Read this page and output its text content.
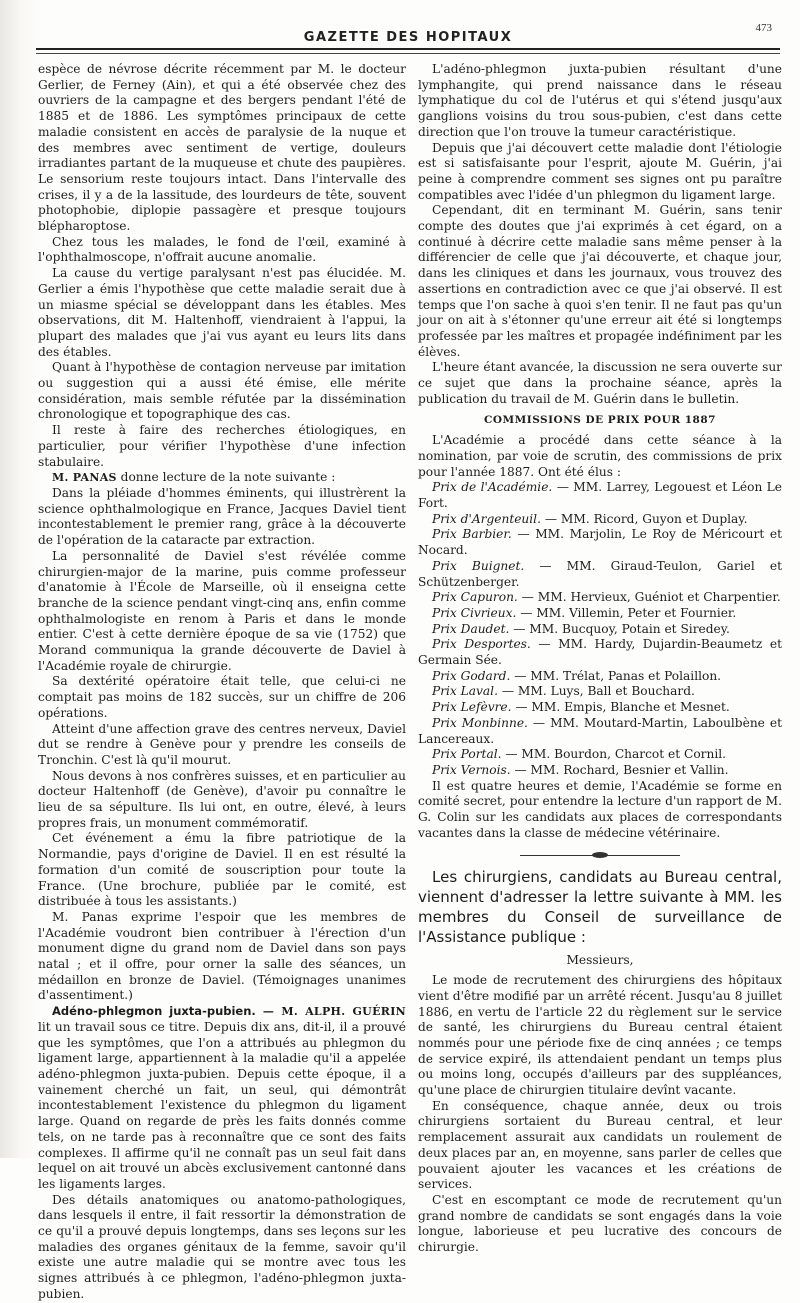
GAZETTE DES HOPITAUX
473

espèce de névrose décrite récemment par M. le docteur Gerlier, de Ferney (Ain), et qui a été observée chez des ouvriers de la campagne et des bergers pendant l'été de 1885 et de 1886. Les symptômes principaux de cette maladie consistent en accès de paralysie de la nuque et des membres avec sentiment de vertige, douleurs irradiantes partant de la muqueuse et chute des paupières. Le sensorium reste toujours intact. Dans l'intervalle des crises, il y a de la lassitude, des lourdeurs de tête, souvent photophobie, diplopie passagère et presque toujours blépharoptose.

Chez tous les malades, le fond de l'œil, examiné à l'ophthalmoscope, n'offrait aucune anomalie.

La cause du vertige paralysant n'est pas élucidée. M. Gerlier a émis l'hypothèse que cette maladie serait due à un miasme spécial se développant dans les étables. Mes observations, dit M. Haltenhoff, viendraient à l'appui, la plupart des malades que j'ai vus ayant eu leurs lits dans des étables.

Quant à l'hypothèse de contagion nerveuse par imitation ou suggestion qui a aussi été émise, elle mérite considération, mais semble réfutée par la dissémination chronologique et topographique des cas.

Il reste à faire des recherches étiologiques, en particulier, pour vérifier l'hypothèse d'une infection stabulaire.

M. PANAS donne lecture de la note suivante :

Dans la pléiade d'hommes éminents, qui illustrèrent la science ophthalmologique en France, Jacques Daviel tient incontestablement le premier rang, grâce à la découverte de l'opération de la cataracte par extraction.

La personnalité de Daviel s'est révélée comme chirurgien-major de la marine, puis comme professeur d'anatomie à l'École de Marseille, où il enseigna cette branche de la science pendant vingt-cinq ans, enfin comme ophthalmologiste en renom à Paris et dans le monde entier. C'est à cette dernière époque de sa vie (1752) que Morand communiqua la grande découverte de Daviel à l'Académie royale de chirurgie.

Sa dextérité opératoire était telle, que celui-ci ne comptait pas moins de 182 succès, sur un chiffre de 206 opérations.

Atteint d'une affection grave des centres nerveux, Daviel dut se rendre à Genève pour y prendre les conseils de Tronchin. C'est là qu'il mourut.

Nous devons à nos confrères suisses, et en particulier au docteur Haltenhoff (de Genève), d'avoir pu connaître le lieu de sa sépulture. Ils lui ont, en outre, élevé, à leurs propres frais, un monument commémoratif.

Cet événement a ému la fibre patriotique de la Normandie, pays d'origine de Daviel. Il en est résulté la formation d'un comité de souscription pour toute la France. (Une brochure, publiée par le comité, est distribuée à tous les assistants.)

M. Panas exprime l'espoir que les membres de l'Académie voudront bien contribuer à l'érection d'un monument digne du grand nom de Daviel dans son pays natal ; et il offre, pour orner la salle des séances, un médaillon en bronze de Daviel. (Témoignages unanimes d'assentiment.)

Adéno-phlegmon juxta-pubien. — M. ALPH. GUÉRIN lit un travail sous ce titre. Depuis dix ans, dit-il, il a prouvé que les symptômes, que l'on a attribués au phlegmon du ligament large, appartiennent à la maladie qu'il a appelée adéno-phlegmon juxta-pubien. Depuis cette époque, il a vainement cherché un fait, un seul, qui démontrât incontestablement l'existence du phlegmon du ligament large. Quand on regarde de près les faits donnés comme tels, on ne tarde pas à reconnaître que ce sont des faits complexes. Il affirme qu'il ne connaît pas un seul fait dans lequel on ait trouvé un abcès exclusivement cantonné dans les ligaments larges.

Des détails anatomiques ou anatomo-pathologiques, dans lesquels il entre, il fait ressortir la démonstration de ce qu'il a prouvé depuis longtemps, dans ses leçons sur les maladies des organes génitaux de la femme, savoir qu'il existe une autre maladie qui se montre avec tous les signes attribués à ce phlegmon, l'adéno-phlegmon juxta-pubien.

L'adéno-phlegmon juxta-pubien résultant d'une lymphangite, qui prend naissance dans le réseau lymphatique du col de l'utérus et qui s'étend jusqu'aux ganglions voisins du trou sous-pubien, c'est dans cette direction que l'on trouve la tumeur caractéristique.

Depuis que j'ai découvert cette maladie dont l'étiologie est si satisfaisante pour l'esprit, ajoute M. Guérin, j'ai peine à comprendre comment ses signes ont pu paraître compatibles avec l'idée d'un phlegmon du ligament large.

Cependant, dit en terminant M. Guérin, sans tenir compte des doutes que j'ai exprimés à cet égard, on a continué à décrire cette maladie sans même penser à la différencier de celle que j'ai découverte, et chaque jour, dans les cliniques et dans les journaux, vous trouvez des assertions en contradiction avec ce que j'ai observé. Il est temps que l'on sache à quoi s'en tenir. Il ne faut pas qu'un jour on ait à s'étonner qu'une erreur ait été si longtemps professée par les maîtres et propagée indéfiniment par les élèves.

L'heure étant avancée, la discussion ne sera ouverte sur ce sujet que dans la prochaine séance, après la publication du travail de M. Guérin dans le bulletin.

COMMISSIONS DE PRIX POUR 1887

L'Académie a procédé dans cette séance à la nomination, par voie de scrutin, des commissions de prix pour l'année 1887. Ont été élus :

Prix de l'Académie. — MM. Larrey, Legouest et Léon Le Fort.

Prix d'Argenteuil. — MM. Ricord, Guyon et Duplay.

Prix Barbier. — MM. Marjolin, Le Roy de Méricourt et Nocard.

Prix Buignet. — MM. Giraud-Teulon, Gariel et Schützenberger.

Prix Capuron. — MM. Hervieux, Guéniot et Charpentier.

Prix Civrieux. — MM. Villemin, Peter et Fournier.

Prix Daudet. — MM. Bucquoy, Potain et Siredey.

Prix Desportes. — MM. Hardy, Dujardin-Beaumetz et Germain Sée.

Prix Godard. — MM. Trélat, Panas et Polaillon.

Prix Laval. — MM. Luys, Ball et Bouchard.

Prix Lefèvre. — MM. Empis, Blanche et Mesnet.

Prix Monbinne. — MM. Moutard-Martin, Laboulbène et Lancereaux.

Prix Portal. — MM. Bourdon, Charcot et Cornil.

Prix Vernois. — MM. Rochard, Besnier et Vallin.

Il est quatre heures et demie, l'Académie se forme en comité secret, pour entendre la lecture d'un rapport de M. G. Colin sur les candidats aux places de correspondants vacantes dans la classe de médecine vétérinaire.

Les chirurgiens, candidats au Bureau central, viennent d'adresser la lettre suivante à MM. les membres du Conseil de surveillance de l'Assistance publique :

Messieurs,

Le mode de recrutement des chirurgiens des hôpitaux vient d'être modifié par un arrêté récent. Jusqu'au 8 juillet 1886, en vertu de l'article 22 du règlement sur le service de santé, les chirurgiens du Bureau central étaient nommés pour une période fixe de cinq années ; ce temps de service expiré, ils attendaient pendant un temps plus ou moins long, occupés d'ailleurs par des suppléances, qu'une place de chirurgien titulaire devînt vacante.

En conséquence, chaque année, deux ou trois chirurgiens sortaient du Bureau central, et leur remplacement assurait aux candidats un roulement de deux places par an, en moyenne, sans parler de celles que pouvaient ajouter les vacances et les créations de services.

C'est en escomptant ce mode de recrutement qu'un grand nombre de candidats se sont engagés dans la voie longue, laborieuse et peu lucrative des concours de chirurgie.
